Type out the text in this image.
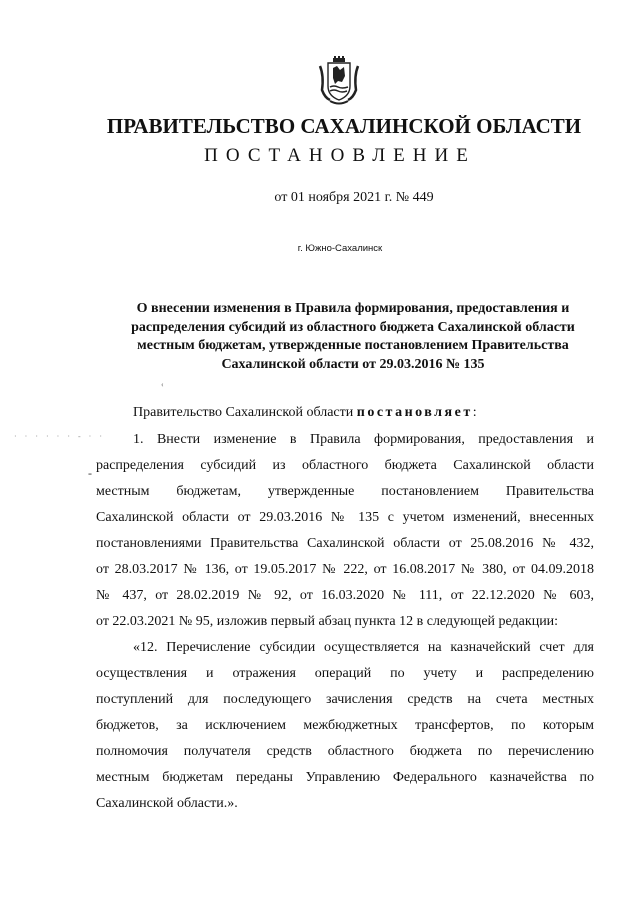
ПРАВИТЕЛЬСТВО САХАЛИНСКОЙ ОБЛАСТИ
ПОСТАНОВЛЕНИЕ
от 01 ноября 2021 г. № 449
г. Южно-Сахалинск
О внесении изменения в Правила формирования, предоставления и
распределения субсидий из областного бюджета Сахалинской области
местным бюджетам, утвержденные постановлением Правительства
Сахалинской области от 29.03.2016 № 135
‹
Правительство Сахалинской области постановляет:
· · · · · · - · ·
-
1. Внести изменение в Правила формирования, предоставления и
распределения субсидий из областного бюджета Сахалинской области
местным бюджетам, утвержденные постановлением Правительства
Сахалинской области от 29.03.2016 № 135 с учетом изменений, внесенных
постановлениями Правительства Сахалинской области от 25.08.2016 № 432,
от 28.03.2017 № 136, от 19.05.2017 № 222, от 16.08.2017 № 380, от 04.09.2018
№ 437, от 28.02.2019 № 92, от 16.03.2020 № 111, от 22.12.2020 № 603,
от 22.03.2021 № 95, изложив первый абзац пункта 12 в следующей редакции:
«12. Перечисление субсидии осуществляется на казначейский счет для
осуществления и отражения операций по учету и распределению
поступлений для последующего зачисления средств на счета местных
бюджетов, за исключением межбюджетных трансфертов, по которым
полномочия получателя средств областного бюджета по перечислению
местным бюджетам переданы Управлению Федерального казначейства по
Сахалинской области.».
